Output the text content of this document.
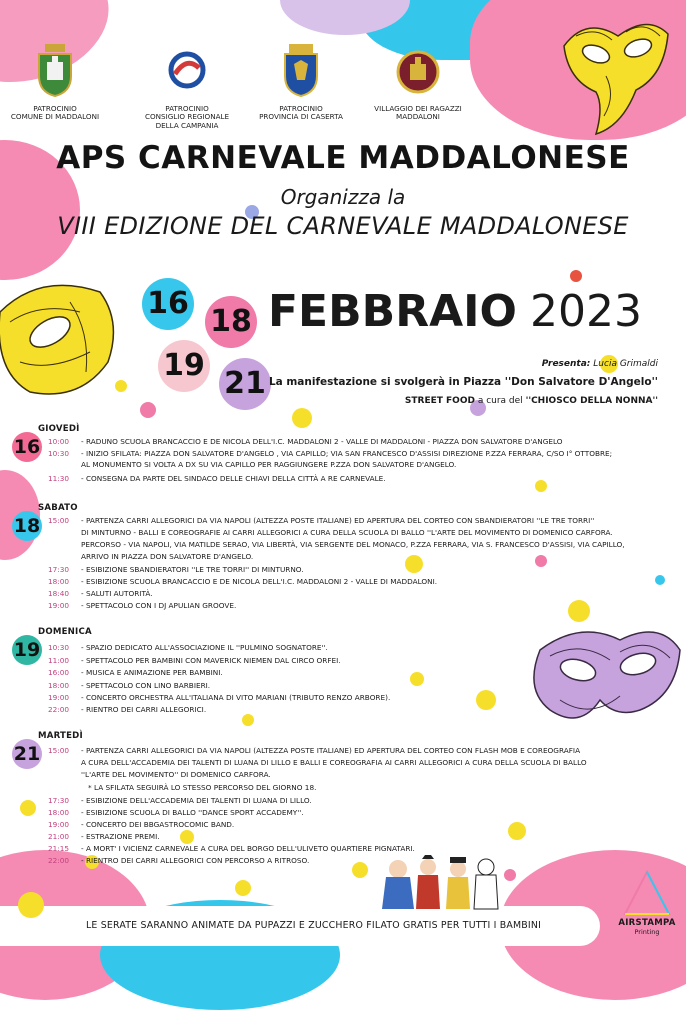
PATROCINIO
COMUNE DI MADDALONI
PATROCINIO
CONSIGLIO REGIONALE
DELLA CAMPANIA
PATROCINIO
PROVINCIA DI CASERTA
VILLAGGIO DEI RAGAZZI
MADDALONI
APS CARNEVALE MADDALONESE
Organizza la
VIII EDIZIONE DEL CARNEVALE MADDALONESE
16
18
19
21
FEBBRAIO 2023
Presenta: Lucia Grimaldi
La manifestazione si svolgerà in Piazza ''Don Salvatore D'Angelo''
STREET FOOD a cura del ''CHIOSCO DELLA NONNA''
GIOVEDÌ
16 10:00	- RADUNO SCUOLA BRANCACCIO E DE NICOLA DELL'I.C. MADDALONI 2 - VALLE DI MADDALONI - PIAZZA DON SALVATORE D'ANGELO
10:30	- INIZIO SFILATA: PIAZZA DON SALVATORE D'ANGELO , VIA CAPILLO; VIA SAN FRANCESCO D'ASSISI DIREZIONE P.ZZA FERRARA, C/SO I° OTTOBRE;
AL MONUMENTO SI VOLTA A DX SU VIA CAPILLO PER RAGGIUNGERE P.ZZA DON SALVATORE D'ANGELO.
11:30	- CONSEGNA DA PARTE DEL SINDACO DELLE CHIAVI DELLA CITTÀ A RE CARNEVALE.
SABATO
18 15:00	- PARTENZA CARRI ALLEGORICI DA VIA NAPOLI (ALTEZZA POSTE ITALIANE) ED APERTURA DEL CORTEO CON SBANDIERATORI ''LE TRE TORRI''
DI MINTURNO - BALLI E COREOGRAFIE AI CARRI ALLEGORICI A CURA DELLA SCUOLA DI BALLO ''L'ARTE DEL MOVIMENTO DI DOMENICO CARFORA.
PERCORSO - VIA NAPOLI, VIA MATILDE SERAO, VIA LIBERTÀ, VIA SERGENTE DEL MONACO, P.ZZA FERRARA, VIA S. FRANCESCO D'ASSISI, VIA CAPILLO,
ARRIVO IN PIAZZA DON SALVATORE D'ANGELO.
17:30	- ESIBIZIONE SBANDIERATORI ''LE TRE TORRI'' DI MINTURNO.
18:00	- ESIBIZIONE SCUOLA BRANCACCIO E DE NICOLA DELL'I.C. MADDALONI 2 - VALLE DI MADDALONI.
18:40	- SALUTI AUTORITÀ.
19:00	- SPETTACOLO CON I DJ APULIAN GROOVE.
DOMENICA
19 10:30	- SPAZIO DEDICATO ALL'ASSOCIAZIONE IL ''PULMINO SOGNATORE''.
11:00	- SPETTACOLO PER BAMBINI CON MAVERICK NIEMEN DAL CIRCO ORFEI.
16:00	- MUSICA E ANIMAZIONE PER BAMBINI.
18:00	- SPETTACOLO CON LINO BARBIERI.
19:00	- CONCERTO ORCHESTRA ALL'ITALIANA DI VITO MARIANI (TRIBUTO RENZO ARBORE).
22:00	- RIENTRO DEI CARRI ALLEGORICI.
MARTEDÌ
21 15:00	- PARTENZA CARRI ALLEGORICI DA VIA NAPOLI (ALTEZZA POSTE ITALIANE) ED APERTURA DEL CORTEO CON FLASH MOB E COREOGRAFIA
A CURA DELL'ACCADEMIA DEI TALENTI DI LUANA DI LILLO E BALLI E COREOGRAFIA AI CARRI ALLEGORICI A CURA DELLA SCUOLA DI BALLO
''L'ARTE DEL MOVIMENTO'' DI DOMENICO CARFORA.
* LA SFILATA SEGUIRÀ LO STESSO PERCORSO DEL GIORNO 18.
17:30	- ESIBIZIONE DELL'ACCADEMIA DEI TALENTI DI LUANA DI LILLO.
18:00	- ESIBIZIONE SCUOLA DI BALLO ''DANCE SPORT ACCADEMY''.
19:00	- CONCERTO DEI BBGASTROCOMIC BAND.
21:00	- ESTRAZIONE PREMI.
21:15	- A MORT' I VICIENZ CARNEVALE A CURA DEL BORGO DELL'ULIVETO QUARTIERE PIGNATARI.
22:00	- RIENTRO DEI CARRI ALLEGORICI CON PERCORSO A RITROSO.
LE SERATE SARANNO ANIMATE DA PUPAZZI E ZUCCHERO FILATO GRATIS PER TUTTI I BAMBINI	AIRSTAMPA
Printing
